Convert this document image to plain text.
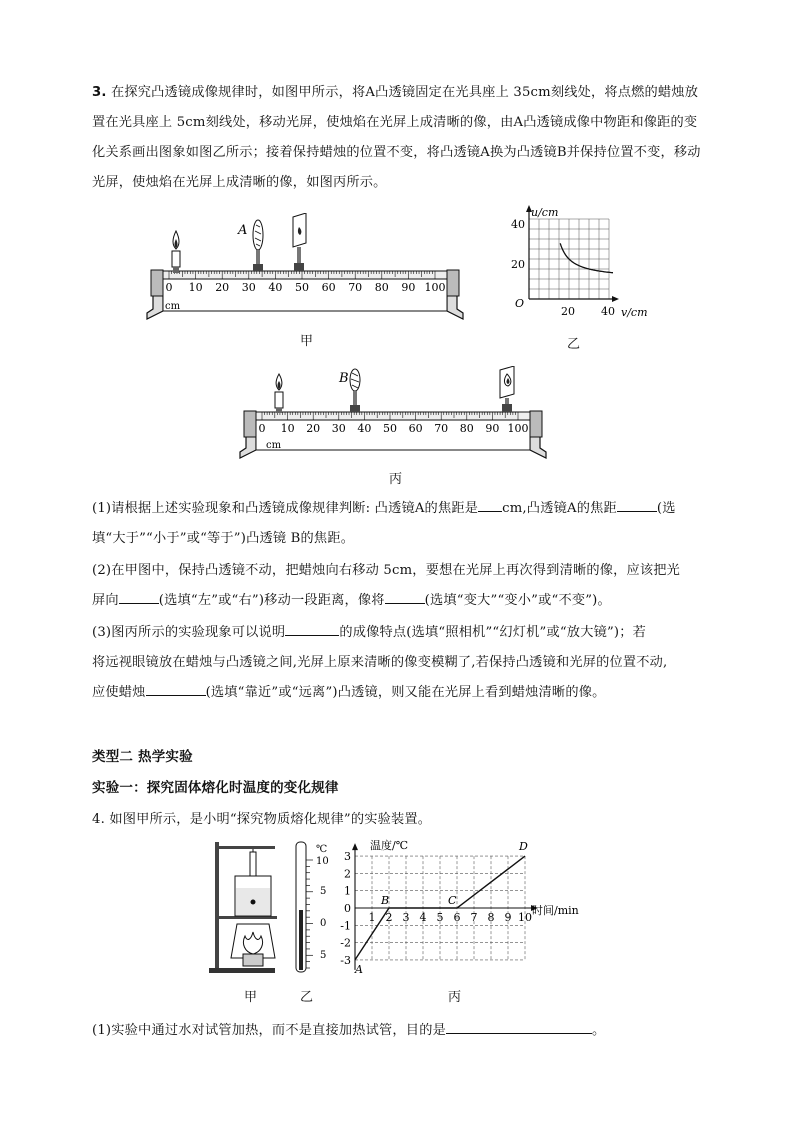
3. 在探究凸透镜成像规律时，如图甲所示，将A凸透镜固定在光具座上 35cm刻线处，将点燃的蜡烛放置在光具座上 5cm刻线处，移动光屏，使烛焰在光屏上成清晰的像，由A凸透镜成像中物距和像距的变化关系画出图象如图乙所示；接着保持蜡烛的位置不变，将凸透镜A换为凸透镜B并保持位置不变，移动光屏，使烛焰在光屏上成清晰的像，如图丙所示。
0 10 20 30 40 50 60 70 80 90 100
A
cm
甲
u/cm
v/cm
O
40
20
20 40
乙
0 10 20 30 40 50 60 70 80 90 100
B
cm
丙
(1)请根据上述实验现象和凸透镜成像规律判断: 凸透镜A的焦距是 cm,凸透镜A的焦距	(选
填“大于”“小于”或“等于”)凸透镜 B的焦距。
(2)在甲图中，保持凸透镜不动，把蜡烛向右移动 5cm，要想在光屏上再次得到清晰的像，应该把光
屏向	(选填“左”或“右”)移动一段距离，像将	(选填“变大”“变小”或“不变”)。
(3)图丙所示的实验现象可以说明	的成像特点(选填“照相机”“幻灯机”或“放大镜”)；若
将远视眼镜放在蜡烛与凸透镜之间,光屏上原来清晰的像变模糊了,若保持凸透镜和光屏的位置不动,
应使蜡烛	(选填“靠近”或“远离”)凸透镜，则又能在光屏上看到蜡烛清晰的像。
类型二 热学实验
实验一：探究固体熔化时温度的变化规律
4. 如图甲所示，是小明“探究物质熔化规律”的实验装置。
甲
℃
10
5
0
5
乙
3
2
1
0
-1
-2
-3
1 2 3 4 5 6 7 8 9 10
A
B	C
D
温度/℃
时间/min
丙
(1)实验中通过水对试管加热，而不是直接加热试管，目的是	。
